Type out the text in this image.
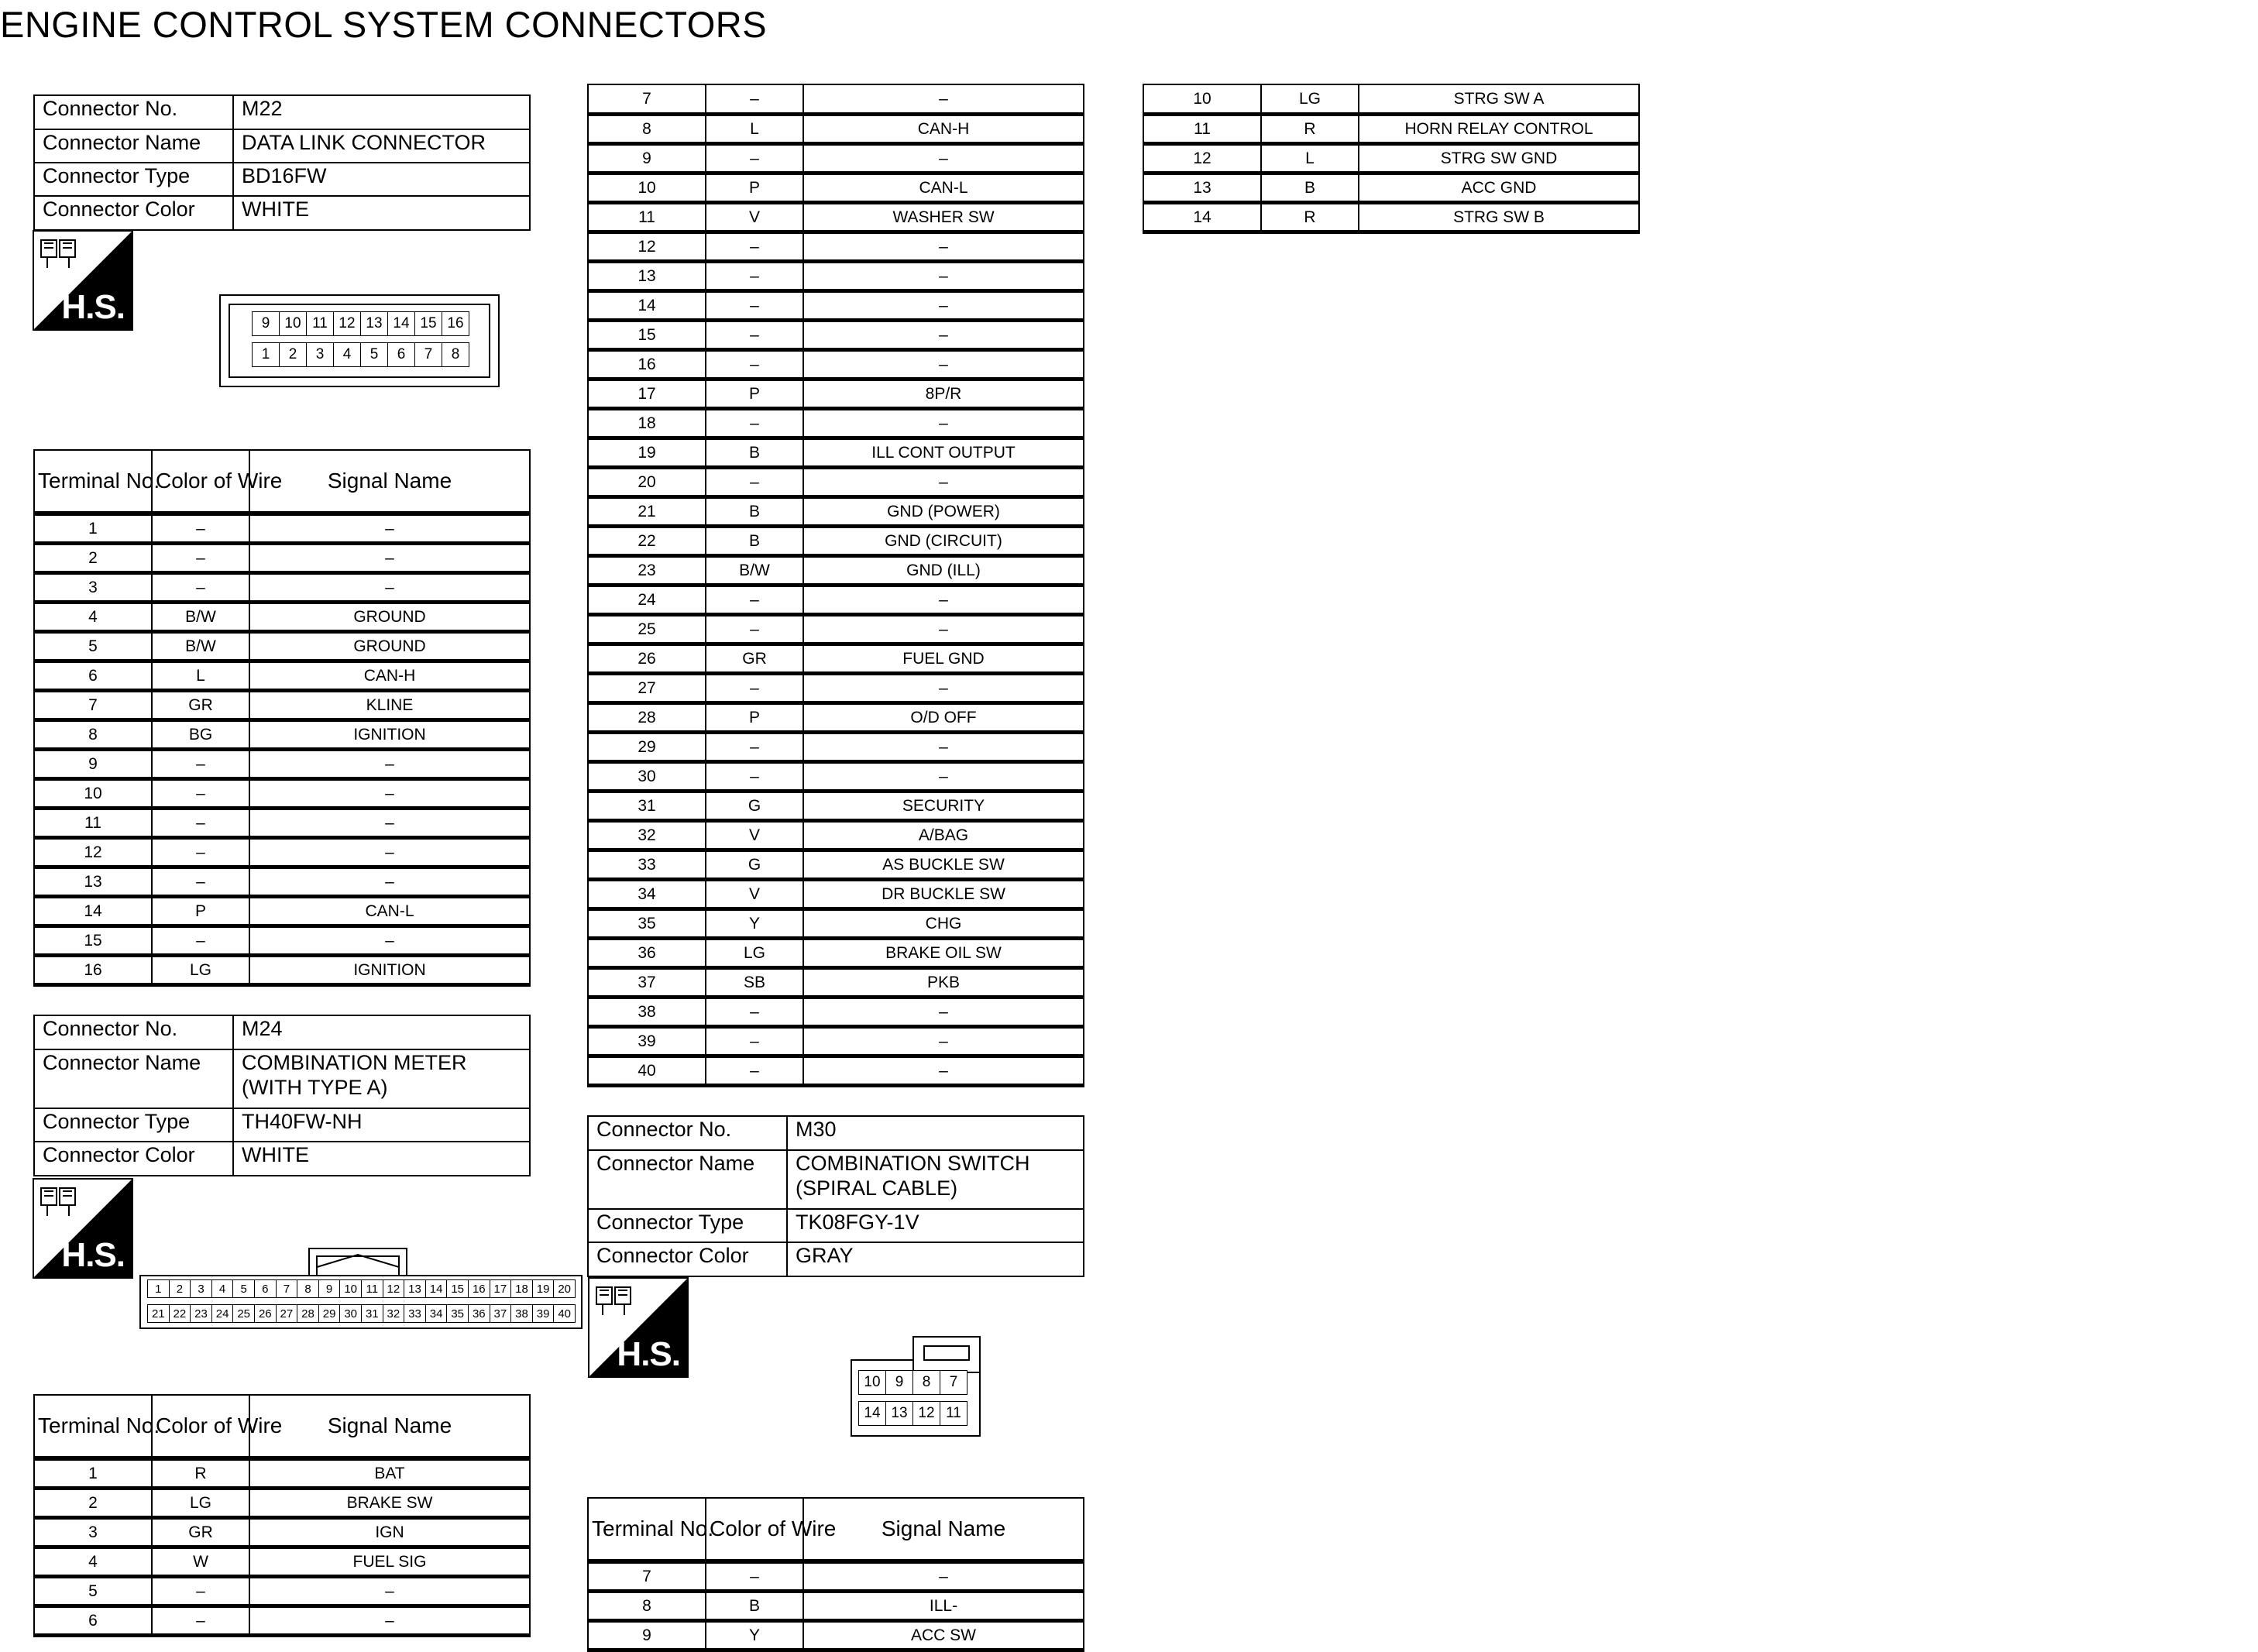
ENGINE CONTROL SYSTEM CONNECTORS
Connector No.	M22
Connector Name	DATA LINK CONNECTOR
Connector Type	BD16FW
Connector Color	WHITE
H.S.	9	10 11 12 13 14 15 16
1	2	3	4	5	6	7	8
Terminal No.	Color of Wire	Signal Name
1	–	–
2	–	–
3	–	–
4	B/W	GROUND
5	B/W	GROUND
6	L	CAN-H
7	GR	KLINE
8	BG	IGNITION
9	–	–
10	–	–
11	–	–
12	–	–
13	–	–
14	P	CAN-L
15	–	–
16	LG	IGNITION
Connector No.	M24
Connector Name	COMBINATION METER (WITH TYPE A)
Connector Type	TH40FW-NH
Connector Color	WHITE
H.S.
1	2	3	4	5	6	7	8	9	10 11 12 13 14 15 16 17 18 19 20
21 22 23 24 25 26 27 28 29 30 31 32 33 34 35 36 37 38 39 40
Terminal No.	Color of Wire	Signal Name
1	R	BAT
2	LG	BRAKE SW
3	GR	IGN
4	W	FUEL SIG
5	–	–
6	–	–
7	–	–
8	L	CAN-H
9	–	–
10	P	CAN-L
11	V	WASHER SW
12	–	–
13	–	–
14	–	–
15	–	–
16	–	–
17	P	8P/R
18	–	–
19	B	ILL CONT OUTPUT
20	–	–
21	B	GND (POWER)
22	B	GND (CIRCUIT)
23	B/W	GND (ILL)
24	–	–
25	–	–
26	GR	FUEL GND
27	–	–
28	P	O/D OFF
29	–	–
30	–	–
31	G	SECURITY
32	V	A/BAG
33	G	AS BUCKLE SW
34	V	DR BUCKLE SW
35	Y	CHG
36	LG	BRAKE OIL SW
37	SB	PKB
38	–	–
39	–	–
40	–	–
Connector No.	M30
Connector Name	COMBINATION SWITCH (SPIRAL CABLE)
Connector Type	TK08FGY-1V
Connector Color	GRAY
H.S.
10	9	8	7
14 13 12 11
Terminal No.	Color of Wire	Signal Name
7	–	–
8	B	ILL-
9	Y	ACC SW
10	LG	STRG SW A
11	R	HORN RELAY CONTROL
12	L	STRG SW GND
13	B	ACC GND
14	R	STRG SW B
